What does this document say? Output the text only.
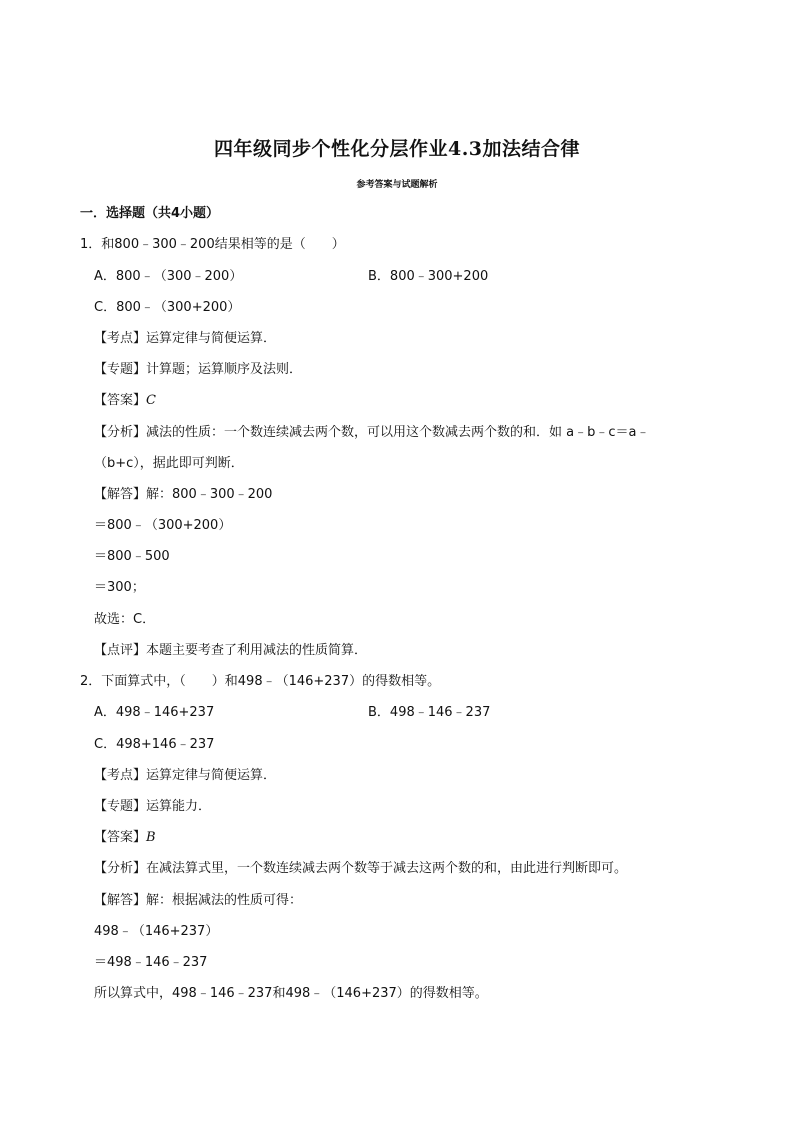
四年级同步个性化分层作业4.3加法结合律
参考答案与试题解析
一．选择题（共4小题）
1．和800﹣300﹣200结果相等的是（　　）
A．800﹣（300﹣200）	B．800﹣300+200
C．800﹣（300+200）
【考点】运算定律与简便运算．
【专题】计算题；运算顺序及法则．
【答案】C
【分析】减法的性质：一个数连续减去两个数，可以用这个数减去两个数的和．如 a﹣b﹣c＝a﹣
（b+c），据此即可判断．
【解答】解：800﹣300﹣200
＝800﹣（300+200）
＝800﹣500
＝300；
故选：C．
【点评】本题主要考查了利用减法的性质简算．
2．下面算式中，（　　）和498﹣（146+237）的得数相等。
A．498﹣146+237	B．498﹣146﹣237
C．498+146﹣237
【考点】运算定律与简便运算．
【专题】运算能力．
【答案】B
【分析】在减法算式里，一个数连续减去两个数等于减去这两个数的和，由此进行判断即可。
【解答】解：根据减法的性质可得：
498﹣（146+237）
＝498﹣146﹣237
所以算式中，498﹣146﹣237和498﹣（146+237）的得数相等。
